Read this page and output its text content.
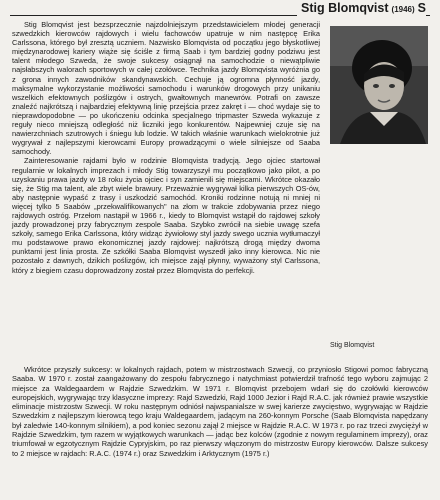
Stig Blomqvist (1946) S

Stig Blomqvist jest bezsprzecznie najzdolniejszym przedstawicielem młodej generacji szwedzkich kierowców rajdowych i wielu fachowców upatruje w nim następcę Erika Carlssona, którego był zresztą uczniem. Nazwisko Blomqvista od początku jego błyskotliwej międzynarodowej kariery wiąże się ściśle z firmą Saab i tym bardziej godny podziwu jest talent młodego Szweda, że swoje sukcesy osiągnął na samochodzie o niewątpliwie najsłabszych walorach sportowych w całej czołówce. Technika jazdy Blomqvista wyróżnia go z grona innych zawodników skandynawskich. Cechuje ją ogromna płynność jazdy, maksymalne wykorzystanie możliwości samochodu i warunków drogowych przy unikaniu wszelkich efektownych poślizgów i ostrych, gwałtownych manewrów. Potrafi on zawsze znaleźć najkrótszą i najbardziej efektywną linię przejścia przez zakręt i — choć wydaje się to nieprawdopodobne — po ukończeniu odcinka specjalnego tripmaster Szweda wykazuje z reguły nieco mniejszą odległość niż liczniki jego konkurentów. Najpewniej czuje się na nawierzchniach szutrowych i śniegu lub lodzie. W takich właśnie warunkach wielokrotnie już wygrywał z najlepszymi kierowcami Europy prowadzącymi o wiele silniejsze od Saaba samochody.

Zainteresowanie rajdami było w rodzinie Blomqvista tradycją. Jego ojciec startował regularnie w lokalnych imprezach i młody Stig towarzyszył mu początkowo jako pilot, a po uzyskaniu prawa jazdy w 18 roku życia ojciec i syn zamienili się miejscami. Wkrótce okazało się, że Stig ma talent, ale zbyt wiele brawury. Przeważnie wygrywał kilka pierwszych OS-ów, aby następnie wypaść z trasy i uszkodzić samochód. Kroniki rodzinne notują ni mniej ni więcej tylko 5 Saabów „przekwalifikowanych" na złom w trakcie zdobywania przez niego rajdowych ostróg. Przełom nastąpił w 1966 r., kiedy to Blomqvist wstąpił do rajdowej szkoły jazdy prowadzonej przy fabrycznym zespole Saaba. Szybko zwrócił na siebie uwagę szefa szkoły, samego Erika Carlssona, który widząc żywiołowy styl jazdy swego ucznia wytłumaczył mu podstawowe prawo ekonomicznej jazdy rajdowej: najkrótszą drogą między dwoma punktami jest linia prosta. Ze szkółki Saaba Blomqvist wyszedł jako inny kierowca. Nic nie pozostało z dawnych, dzikich poślizgów, ich miejsce zajął płynny, wyważony styl Carlssona, który z biegiem czasu doprowadzony został przez Blomqvista do perfekcji.

Stig Blomqvist

Wkrótce przyszły sukcesy: w lokalnych rajdach, potem w mistrzostwach Szwecji, co przyniosło Stigowi pomoc fabryczną Saaba. W 1970 r. został zaangażowany do zespołu fabrycznego i natychmiast potwierdził trafność tego wyboru zajmując 2 miejsce za Waldegaardem w Rajdzie Szwedzkim. W 1971 r. Blomqvist przebojem wdarł się do czołówki kierowców europejskich, wygrywając trzy klasyczne imprezy: Rajd Szwedzki, Rajd 1000 Jezior i Rajd R.A.C. jak również prawie wszystkie eliminacje mistrzostw Szwecji. W roku następnym odniósł najwspanialsze w swej karierze zwycięstwo, wygrywając w Rajdzie Szwedzkim z najlepszym kierowcą tego kraju Waldegaardem, jadącym na 260-konnym Porsche (Saab Blomqvista napędzany był zaledwie 140-konnym silnikiem), a pod koniec sezonu zajął 2 miejsce w Rajdzie R.A.C. W 1973 r. po raz trzeci zwyciężył w Rajdzie Szwedzkim, tym razem w wyjątkowych warunkach — jadąc bez kolców (zgodnie z nowym regulaminem imprezy), oraz triumfował w egzotycznym Rajdzie Cypryjskim, po raz pierwszy włączonym do mistrzostw Europy kierowców. Dalsze sukcesy to 2 miejsce w rajdach: R.A.C. (1974 r.) oraz Szwedzkim i Arktycznym (1975 r.)
